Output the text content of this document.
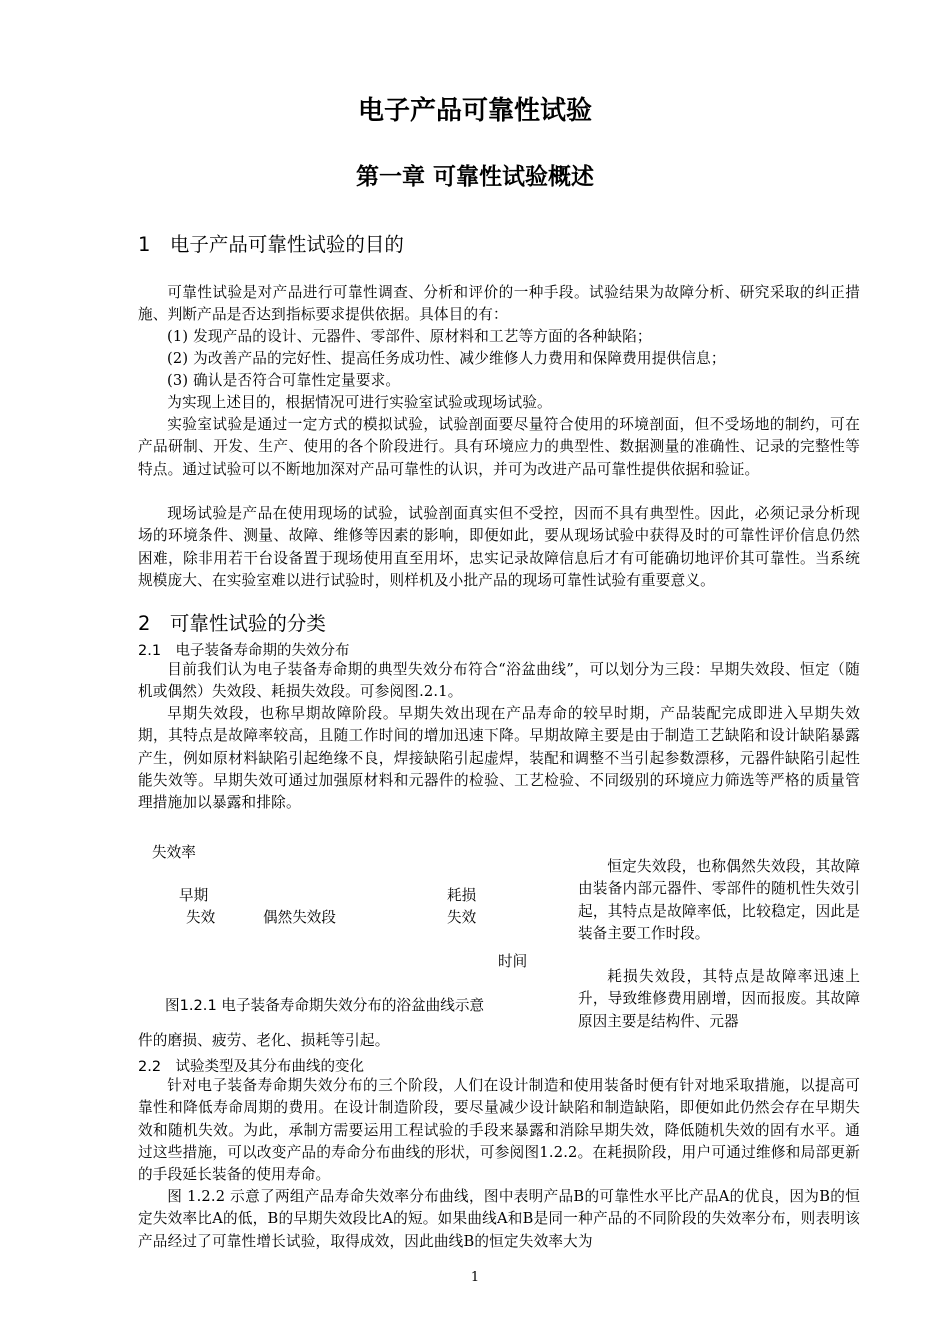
电子产品可靠性试验
第一章 可靠性试验概述
1　电子产品可靠性试验的目的

可靠性试验是对产品进行可靠性调查、分析和评价的一种手段。试验结果为故障分析、研究采取的纠正措施、判断产品是否达到指标要求提供依据。具体目的有：

(1) 发现产品的设计、元器件、零部件、原材料和工艺等方面的各种缺陷；
(2) 为改善产品的完好性、提高任务成功性、减少维修人力费用和保障费用提供信息；
(3) 确认是否符合可靠性定量要求。

为实现上述目的，根据情况可进行实验室试验或现场试验。

实验室试验是通过一定方式的模拟试验，试验剖面要尽量符合使用的环境剖面，但不受场地的制约，可在产品研制、开发、生产、使用的各个阶段进行。具有环境应力的典型性、数据测量的准确性、记录的完整性等特点。通过试验可以不断地加深对产品可靠性的认识，并可为改进产品可靠性提供依据和验证。

现场试验是产品在使用现场的试验，试验剖面真实但不受控，因而不具有典型性。因此，必须记录分析现场的环境条件、测量、故障、维修等因素的影响，即便如此，要从现场试验中获得及时的可靠性评价信息仍然困难，除非用若干台设备置于现场使用直至用坏，忠实记录故障信息后才有可能确切地评价其可靠性。当系统规模庞大、在实验室难以进行试验时，则样机及小批产品的现场可靠性试验有重要意义。

2　可靠性试验的分类
2.1　电子装备寿命期的失效分布

目前我们认为电子装备寿命期的典型失效分布符合“浴盆曲线”，可以划分为三段：早期失效段、恒定（随机或偶然）失效段、耗损失效段。可参阅图.2.1。

早期失效段，也称早期故障阶段。早期失效出现在产品寿命的较早时期，产品装配完成即进入早期失效期，其特点是故障率较高，且随工作时间的增加迅速下降。早期故障主要是由于制造工艺缺陷和设计缺陷暴露产生，例如原材料缺陷引起绝缘不良，焊接缺陷引起虚焊，装配和调整不当引起参数漂移，元器件缺陷引起性能失效等。早期失效可通过加强原材料和元器件的检验、工艺检验、不同级别的环境应力筛选等严格的质量管理措施加以暴露和排除。

失效率
早期
失效	偶然失效段
耗损
失效
时间
图1.2.1 电子装备寿命期失效分布的浴盆曲线示意

恒定失效段，也称偶然失效段，其故障由装备内部元器件、零部件的随机性失效引起，其特点是故障率低，比较稳定，因此是装备主要工作时段。

耗损失效段，其特点是故障率迅速上升，导致维修费用剧增，因而报废。其故障原因主要是结构件、元器

件的磨损、疲劳、老化、损耗等引起。
2.2　试验类型及其分布曲线的变化

针对电子装备寿命期失效分布的三个阶段，人们在设计制造和使用装备时便有针对地采取措施，以提高可靠性和降低寿命周期的费用。在设计制造阶段，要尽量减少设计缺陷和制造缺陷，即便如此仍然会存在早期失效和随机失效。为此，承制方需要运用工程试验的手段来暴露和消除早期失效，降低随机失效的固有水平。通过这些措施，可以改变产品的寿命分布曲线的形状，可参阅图1.2.2。在耗损阶段，用户可通过维修和局部更新的手段延长装备的使用寿命。

图 1.2.2 示意了两组产品寿命失效率分布曲线，图中表明产品B的可靠性水平比产品A的优良，因为B的恒定失效率比A的低，B的早期失效段比A的短。如果曲线A和B是同一种产品的不同阶段的失效率分布，则表明该产品经过了可靠性增长试验，取得成效，因此曲线B的恒定失效率大为

1
